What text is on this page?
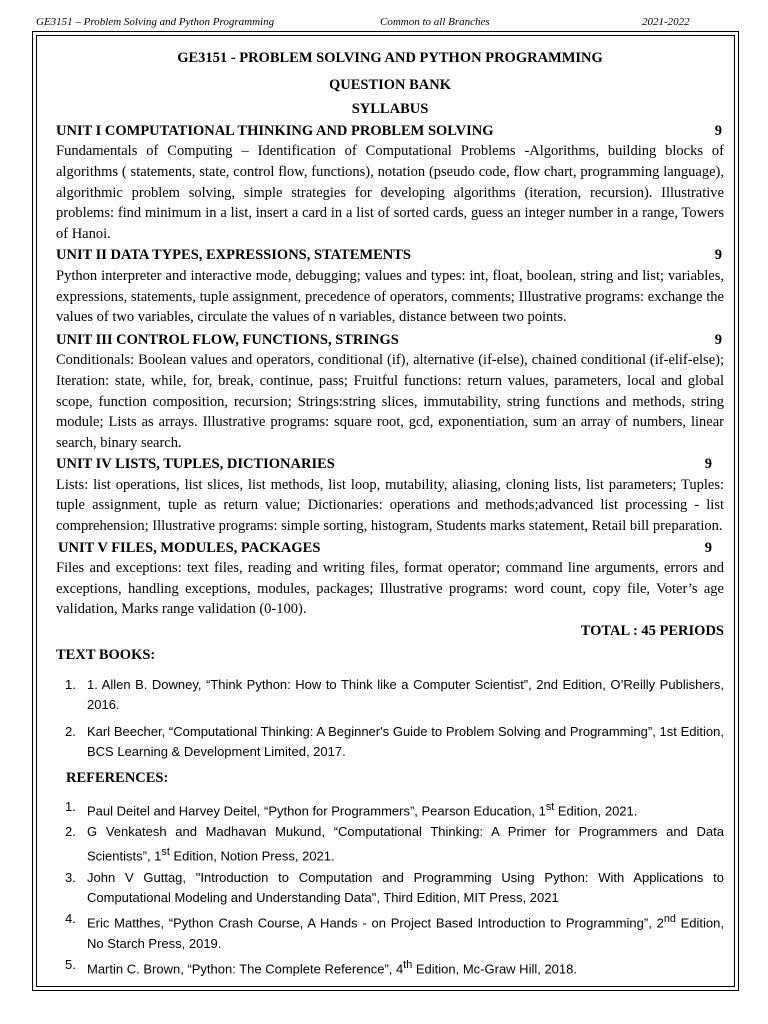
GE3151 – Problem Solving and Python Programming	Common to all Branches	2021-2022
GE3151 - PROBLEM SOLVING AND PYTHON PROGRAMMING
QUESTION BANK
SYLLABUS
UNIT I COMPUTATIONAL THINKING AND PROBLEM SOLVING	9
Fundamentals of Computing – Identification of Computational Problems -Algorithms, building blocks of algorithms ( statements, state, control flow, functions), notation (pseudo code, flow chart, programming language), algorithmic problem solving, simple strategies for developing algorithms (iteration, recursion). Illustrative problems: find minimum in a list, insert a card in a list of sorted cards, guess an integer number in a range, Towers of Hanoi.
UNIT II DATA TYPES, EXPRESSIONS, STATEMENTS	9
Python interpreter and interactive mode, debugging; values and types: int, float, boolean, string and list; variables, expressions, statements, tuple assignment, precedence of operators, comments; Illustrative programs: exchange the values of two variables, circulate the values of n variables, distance between two points.
UNIT III CONTROL FLOW, FUNCTIONS, STRINGS	9
Conditionals: Boolean values and operators, conditional (if), alternative (if-else), chained conditional (if-elif-else); Iteration: state, while, for, break, continue, pass; Fruitful functions: return values, parameters, local and global scope, function composition, recursion; Strings:string slices, immutability, string functions and methods, string module; Lists as arrays. Illustrative programs: square root, gcd, exponentiation, sum an array of numbers, linear search, binary search.
UNIT IV LISTS, TUPLES, DICTIONARIES	9
Lists: list operations, list slices, list methods, list loop, mutability, aliasing, cloning lists, list parameters; Tuples: tuple assignment, tuple as return value; Dictionaries: operations and methods;advanced list processing - list comprehension; Illustrative programs: simple sorting, histogram, Students marks statement, Retail bill preparation.
UNIT V FILES, MODULES, PACKAGES	9
Files and exceptions: text files, reading and writing files, format operator; command line arguments, errors and exceptions, handling exceptions, modules, packages; Illustrative programs: word count, copy file, Voter’s age validation, Marks range validation (0-100).
TOTAL : 45 PERIODS
TEXT BOOKS:
1. 1. Allen B. Downey, “Think Python: How to Think like a Computer Scientist”, 2nd Edition, O’Reilly Publishers, 2016.
2. Karl Beecher, “Computational Thinking: A Beginner's Guide to Problem Solving and Programming”, 1st Edition, BCS Learning & Development Limited, 2017.
REFERENCES:
1. Paul Deitel and Harvey Deitel, “Python for Programmers”, Pearson Education, 1st Edition, 2021.
2. G Venkatesh and Madhavan Mukund, “Computational Thinking: A Primer for Programmers and Data Scientists”, 1st Edition, Notion Press, 2021.
3. John V Guttag, "Introduction to Computation and Programming Using Python: With Applications to Computational Modeling and Understanding Data", Third Edition, MIT Press, 2021
4. Eric Matthes, “Python Crash Course, A Hands - on Project Based Introduction to Programming”, 2nd Edition, No Starch Press, 2019.
5. Martin C. Brown, “Python: The Complete Reference”, 4th Edition, Mc-Graw Hill, 2018.
